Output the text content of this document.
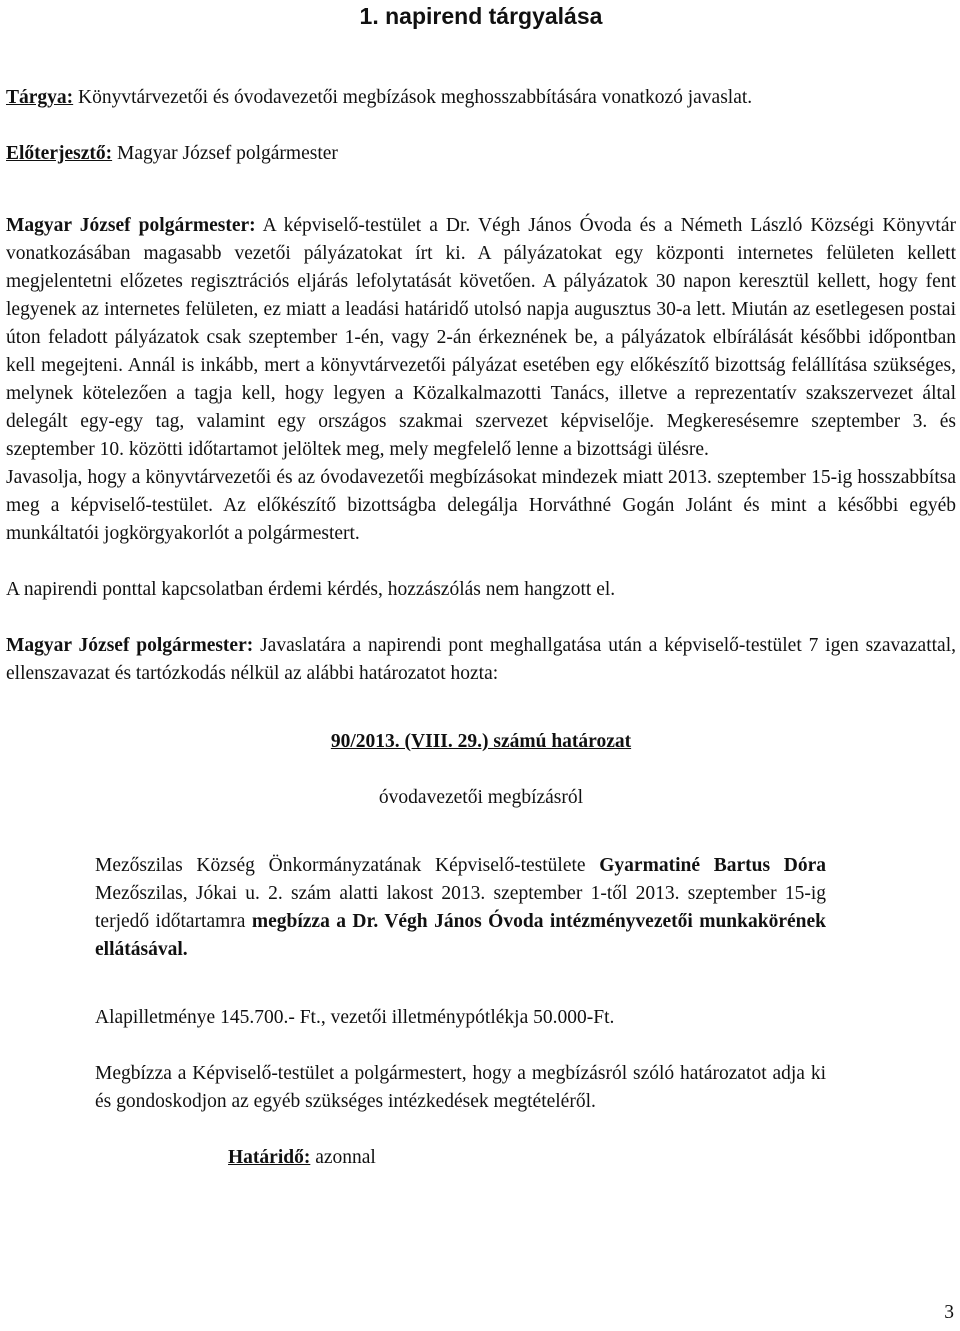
1. napirend tárgyalása

Tárgya: Könyvtárvezetői és óvodavezetői megbízások meghosszabbítására vonatkozó javaslat.

Előterjesztő: Magyar József polgármester

Magyar József polgármester: A képviselő-testület a Dr. Végh János Óvoda és a Németh László Községi Könyvtár vonatkozásában magasabb vezetői pályázatokat írt ki. A pályázatokat egy központi internetes felületen kellett megjelentetni előzetes regisztrációs eljárás lefolytatását követően. A pályázatok 30 napon keresztül kellett, hogy fent legyenek az internetes felületen, ez miatt a leadási határidő utolsó napja augusztus 30-a lett. Miután az esetlegesen postai úton feladott pályázatok csak szeptember 1-én, vagy 2-án érkeznének be, a pályázatok elbírálását későbbi időpontban kell megejteni. Annál is inkább, mert a könyvtárvezetői pályázat esetében egy előkészítő bizottság felállítása szükséges, melynek kötelezően a tagja kell, hogy legyen a Közalkalmazotti Tanács, illetve a reprezentatív szakszervezet által delegált egy-egy tag, valamint egy országos szakmai szervezet képviselője. Megkeresésemre szeptember 3. és szeptember 10. közötti időtartamot jelöltek meg, mely megfelelő lenne a bizottsági ülésre.

Javasolja, hogy a könyvtárvezetői és az óvodavezetői megbízásokat mindezek miatt 2013. szeptember 15-ig hosszabbítsa meg a képviselő-testület. Az előkészítő bizottságba delegálja Horváthné Gogán Jolánt és mint a későbbi egyéb munkáltatói jogkörgyakorlót a polgármestert.

A napirendi ponttal kapcsolatban érdemi kérdés, hozzászólás nem hangzott el.

Magyar József polgármester: Javaslatára a napirendi pont meghallgatása után a képviselő-testület 7 igen szavazattal, ellenszavazat és tartózkodás nélkül az alábbi határozatot hozta:

90/2013. (VIII. 29.) számú határozat

óvodavezetői megbízásról

Mezőszilas Község Önkormányzatának Képviselő-testülete Gyarmatiné Bartus Dóra Mezőszilas, Jókai u. 2. szám alatti lakost 2013. szeptember 1-től 2013. szeptember 15-ig terjedő időtartamra megbízza a Dr. Végh János Óvoda intézményvezetői munkakörének ellátásával.

Alapilletménye 145.700.- Ft., vezetői illetménypótlékja 50.000-Ft.

Megbízza a Képviselő-testület a polgármestert, hogy a megbízásról szóló határozatot adja ki és gondoskodjon az egyéb szükséges intézkedések megtételéről.

Határidő: azonnal

3
